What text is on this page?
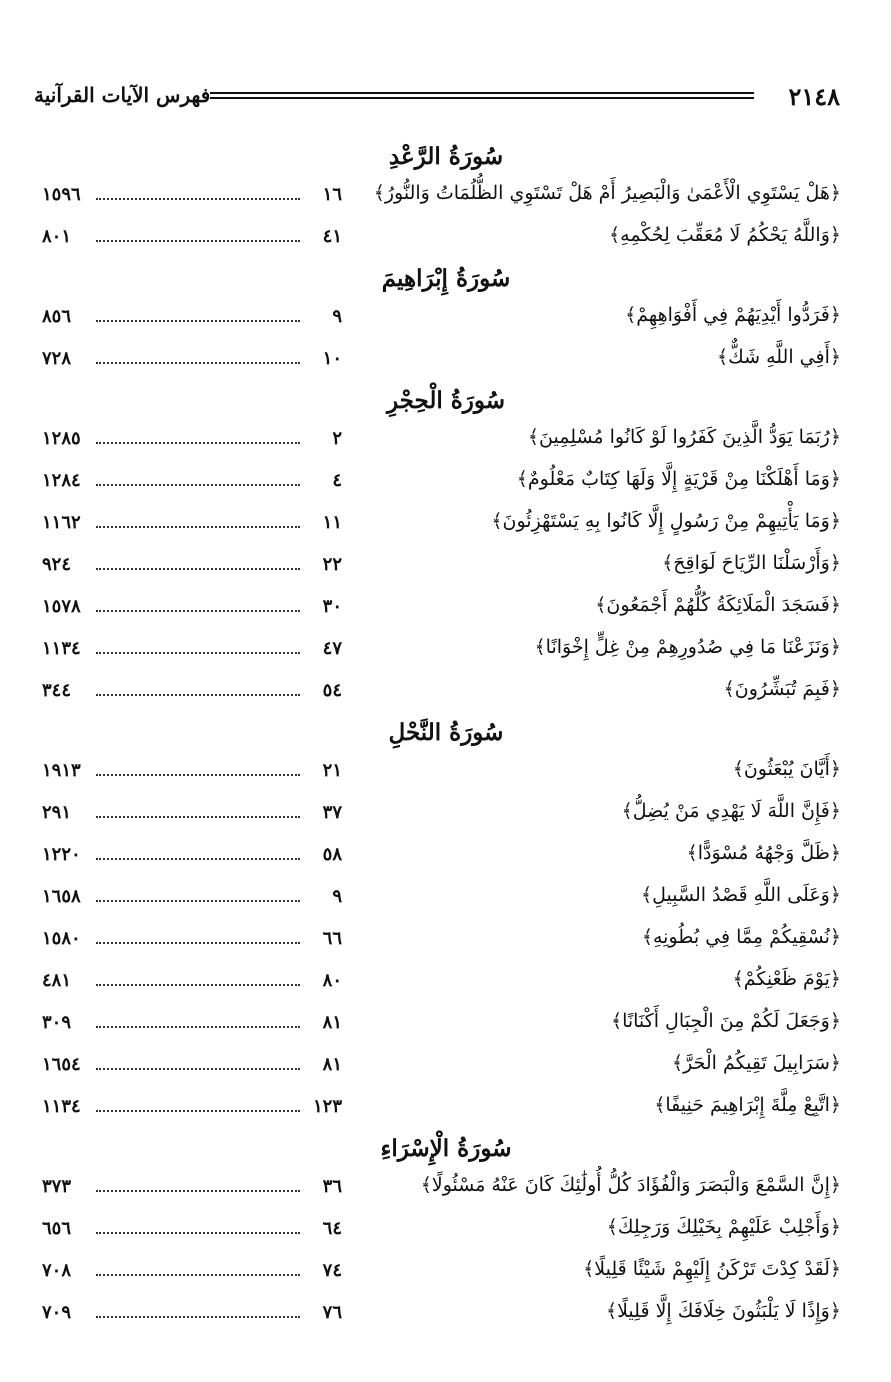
٢١٤٨
فهرس الآيات القرآنية
سُورَةُ الرَّعْدِ
﴿هَلْ يَسْتَوِي الْأَعْمَىٰ وَالْبَصِيرُ أَمْ هَلْ تَسْتَوِي الظُّلُمَاتُ وَالنُّورُ﴾
١٥٩٦	١٦
﴿وَاللَّهُ يَحْكُمُ لَا مُعَقِّبَ لِحُكْمِهِ﴾
٨٠١	٤١
سُورَةُ إِبْرَاهِيمَ
﴿فَرَدُّوا أَيْدِيَهُمْ فِي أَفْوَاهِهِمْ﴾
٨٥٦	٩
﴿أَفِي اللَّهِ شَكٌّ﴾
٧٢٨	١٠
سُورَةُ الْحِجْرِ
﴿رُبَمَا يَوَدُّ الَّذِينَ كَفَرُوا لَوْ كَانُوا مُسْلِمِينَ﴾
١٢٨٥	٢
﴿وَمَا أَهْلَكْنَا مِنْ قَرْيَةٍ إِلَّا وَلَهَا كِتَابٌ مَعْلُومٌ﴾
١٢٨٤	٤
﴿وَمَا يَأْتِيهِمْ مِنْ رَسُولٍ إِلَّا كَانُوا بِهِ يَسْتَهْزِئُونَ﴾
١١٦٢	١١
﴿وَأَرْسَلْنَا الرِّيَاحَ لَوَاقِحَ﴾
٩٢٤	٢٢
﴿فَسَجَدَ الْمَلَائِكَةُ كُلُّهُمْ أَجْمَعُونَ﴾
١٥٧٨	٣٠
﴿وَنَزَعْنَا مَا فِي صُدُورِهِمْ مِنْ غِلٍّ إِخْوَانًا﴾
١١٣٤	٤٧
﴿فَبِمَ تُبَشِّرُونَ﴾
٣٤٤	٥٤
سُورَةُ النَّحْلِ
﴿أَيَّانَ يُبْعَثُونَ﴾
١٩١٣	٢١
﴿فَإِنَّ اللَّهَ لَا يَهْدِي مَنْ يُضِلُّ﴾
٢٩١	٣٧
﴿ظَلَّ وَجْهُهُ مُسْوَدًّا﴾
١٢٢٠	٥٨
﴿وَعَلَى اللَّهِ قَصْدُ السَّبِيلِ﴾
١٦٥٨	٩
﴿نُسْقِيكُمْ مِمَّا فِي بُطُونِهِ﴾
١٥٨٠	٦٦
﴿يَوْمَ ظَعْنِكُمْ﴾
٤٨١	٨٠
﴿وَجَعَلَ لَكُمْ مِنَ الْجِبَالِ أَكْنَانًا﴾
٣٠٩	٨١
﴿سَرَابِيلَ تَقِيكُمُ الْحَرَّ﴾
١٦٥٤	٨١
﴿اتَّبِعْ مِلَّةَ إِبْرَاهِيمَ حَنِيفًا﴾
١١٣٤	١٢٣
سُورَةُ الْإِسْرَاءِ
﴿إِنَّ السَّمْعَ وَالْبَصَرَ وَالْفُؤَادَ كُلُّ أُولَٰئِكَ كَانَ عَنْهُ مَسْئُولًا﴾
٣٧٣	٣٦
﴿وَأَجْلِبْ عَلَيْهِمْ بِخَيْلِكَ وَرَجِلِكَ﴾
٦٥٦	٦٤
﴿لَقَدْ كِدْتَ تَرْكَنُ إِلَيْهِمْ شَيْئًا قَلِيلًا﴾
٧٠٨	٧٤
﴿وَإِذًا لَا يَلْبَثُونَ خِلَافَكَ إِلَّا قَلِيلًا﴾
٧٠٩	٧٦
